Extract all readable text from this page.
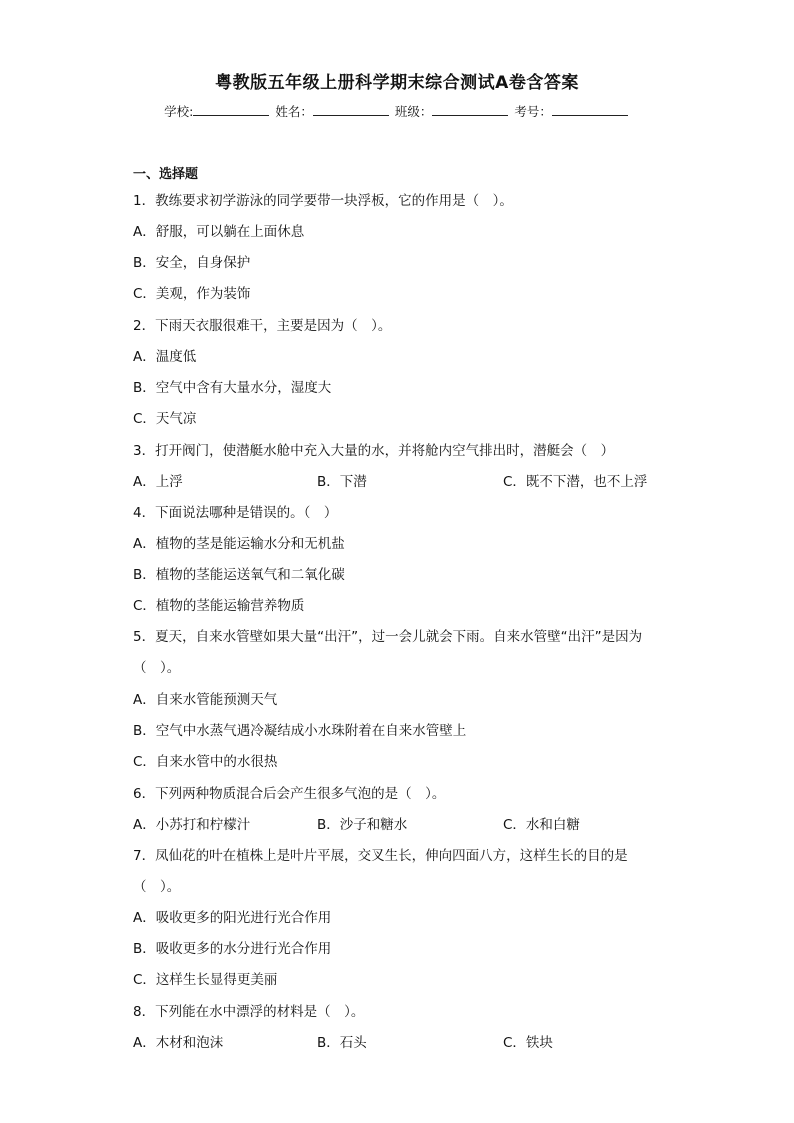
粤教版五年级上册科学期末综合测试A卷含答案
学校:	姓名：	班级：	考号：
一、选择题
1．教练要求初学游泳的同学要带一块浮板，它的作用是（　）。
A．舒服，可以躺在上面休息
B．安全，自身保护
C．美观，作为装饰
2．下雨天衣服很难干，主要是因为（　）。
A．温度低
B．空气中含有大量水分，湿度大
C．天气凉
3．打开阀门，使潜艇水舱中充入大量的水，并将舱内空气排出时，潜艇会（　）
A．上浮	B．下潜	C．既不下潜，也不上浮
4．下面说法哪种是错误的。（　）
A．植物的茎是能运输水分和无机盐
B．植物的茎能运送氧气和二氧化碳
C．植物的茎能运输营养物质
5．夏天，自来水管壁如果大量“出汗”，过一会儿就会下雨。自来水管壁“出汗”是因为
（　）。
A．自来水管能预测天气
B．空气中水蒸气遇冷凝结成小水珠附着在自来水管壁上
C．自来水管中的水很热
6．下列两种物质混合后会产生很多气泡的是（　）。
A．小苏打和柠檬汁	B．沙子和糖水	C．水和白糖
7．凤仙花的叶在植株上是叶片平展，交叉生长，伸向四面八方，这样生长的目的是
（　）。
A．吸收更多的阳光进行光合作用
B．吸收更多的水分进行光合作用
C．这样生长显得更美丽
8．下列能在水中漂浮的材料是（　）。
A．木材和泡沫	B．石头	C．铁块
